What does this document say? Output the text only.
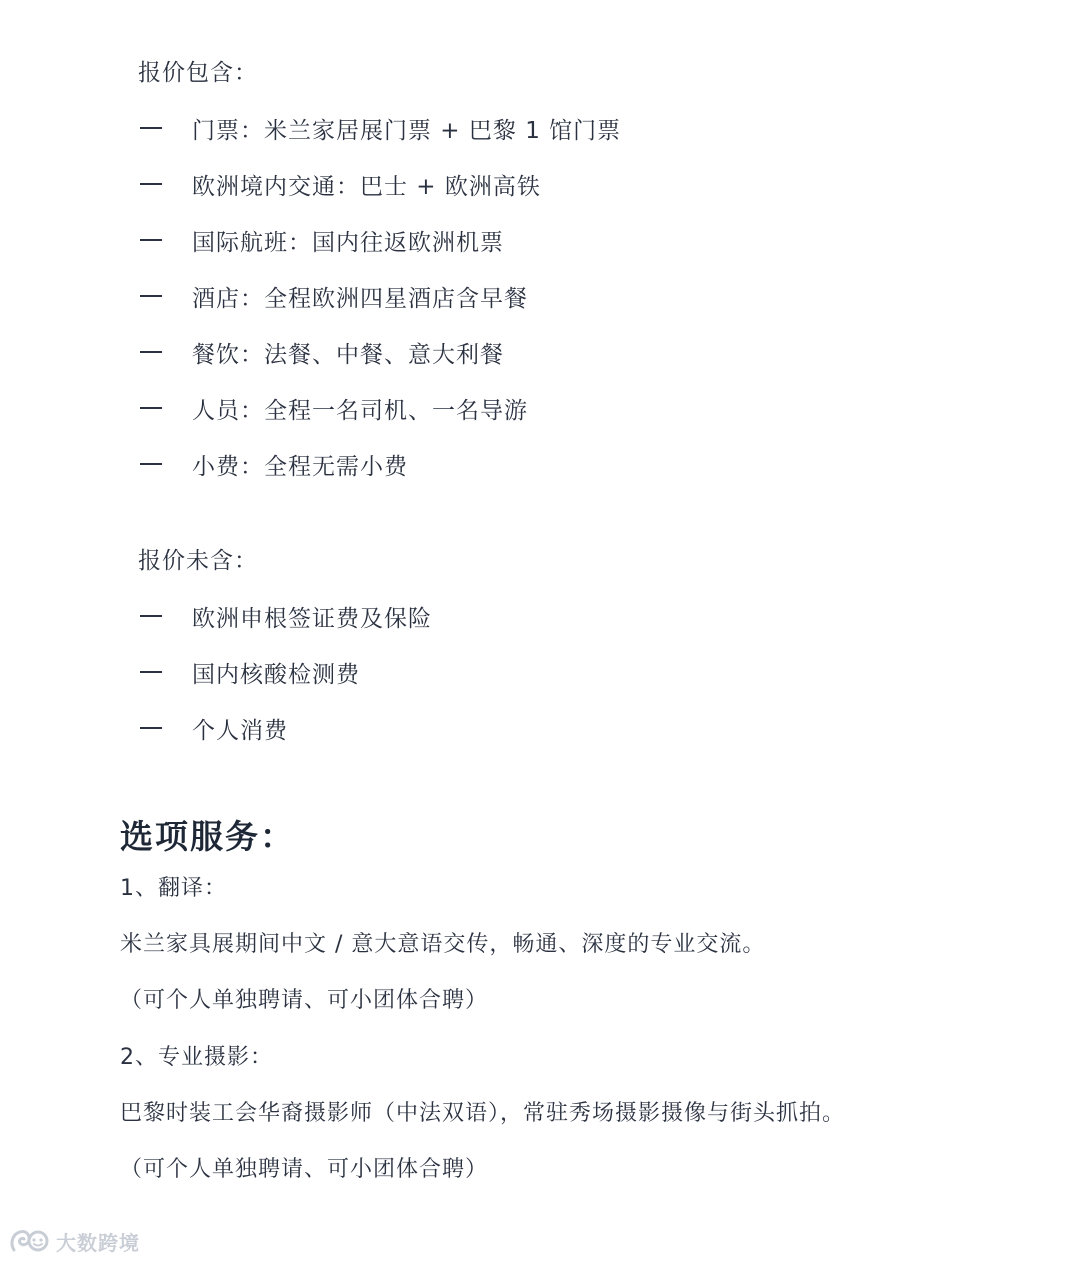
报价包含：
门票：米兰家居展门票 + 巴黎 1 馆门票
欧洲境内交通：巴士 + 欧洲高铁
国际航班：国内往返欧洲机票
酒店：全程欧洲四星酒店含早餐
餐饮：法餐、中餐、意大利餐
人员：全程一名司机、一名导游
小费：全程无需小费
报价未含：
欧洲申根签证费及保险
国内核酸检测费
个人消费
选项服务：
1、翻译：
米兰家具展期间中文 / 意大意语交传，畅通、深度的专业交流。
（可个人单独聘请、可小团体合聘）
2、专业摄影：
巴黎时装工会华裔摄影师（中法双语），常驻秀场摄影摄像与街头抓拍。
（可个人单独聘请、可小团体合聘）
大数跨境
